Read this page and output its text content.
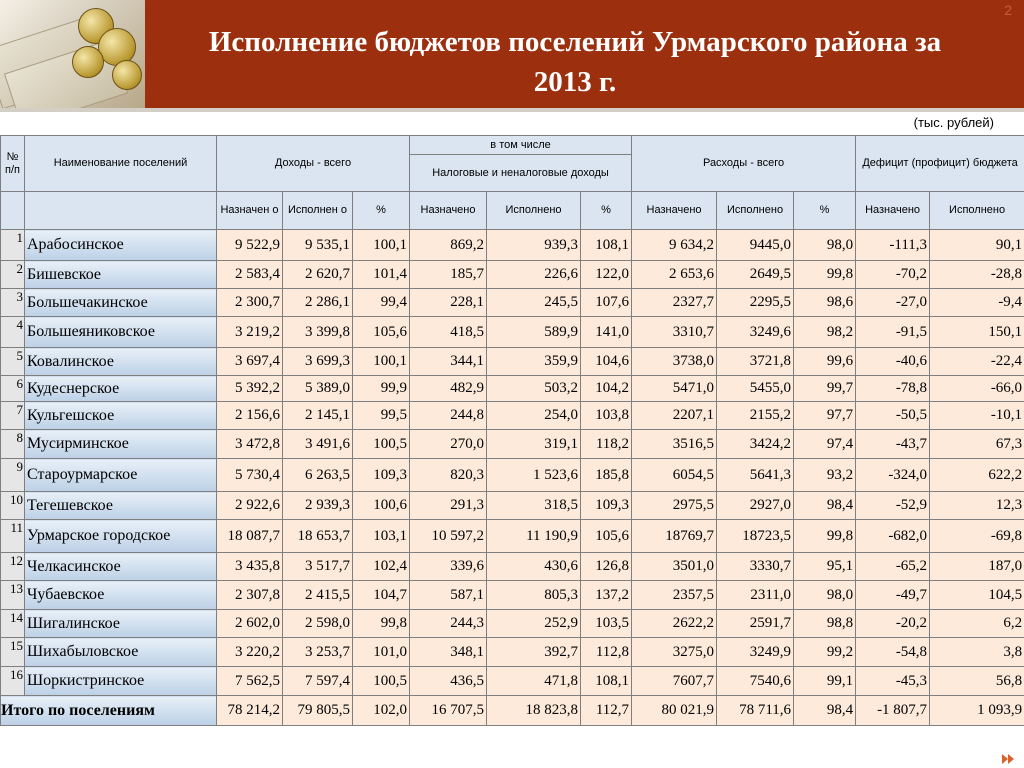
Исполнение бюджетов поселений Урмарского района за
2013 г.
2
(тыс. рублей)
№ п/п	Наименование поселений	Доходы - всего			в том числе			Расходы - всего			Дефицит (профицит) бюджета	
					Налоговые и неналоговые доходы							
		Назначен о	Исполнен о	%	Назначено	Исполнено	%	Назначено	Исполнено	%	Назначено	Исполнено
1	Арабосинское	9 522,9	9 535,1	100,1	869,2	939,3	108,1	9 634,2	9445,0	98,0	-111,3	90,1
2	Бишевское	2 583,4	2 620,7	101,4	185,7	226,6	122,0	2 653,6	2649,5	99,8	-70,2	-28,8
3	Большечакинское	2 300,7	2 286,1	99,4	228,1	245,5	107,6	2327,7	2295,5	98,6	-27,0	-9,4
4	Большеяниковское	3 219,2	3 399,8	105,6	418,5	589,9	141,0	3310,7	3249,6	98,2	-91,5	150,1
5	Ковалинское	3 697,4	3 699,3	100,1	344,1	359,9	104,6	3738,0	3721,8	99,6	-40,6	-22,4
6	Кудеснерское	5 392,2	5 389,0	99,9	482,9	503,2	104,2	5471,0	5455,0	99,7	-78,8	-66,0
7	Кульгешское	2 156,6	2 145,1	99,5	244,8	254,0	103,8	2207,1	2155,2	97,7	-50,5	-10,1
8	Мусирминское	3 472,8	3 491,6	100,5	270,0	319,1	118,2	3516,5	3424,2	97,4	-43,7	67,3
9	Староурмарское	5 730,4	6 263,5	109,3	820,3	1 523,6	185,8	6054,5	5641,3	93,2	-324,0	622,2
10	Тегешевское	2 922,6	2 939,3	100,6	291,3	318,5	109,3	2975,5	2927,0	98,4	-52,9	12,3
11	Урмарское городское	18 087,7	18 653,7	103,1	10 597,2	11 190,9	105,6	18769,7	18723,5	99,8	-682,0	-69,8
12	Челкасинское	3 435,8	3 517,7	102,4	339,6	430,6	126,8	3501,0	3330,7	95,1	-65,2	187,0
13	Чубаевское	2 307,8	2 415,5	104,7	587,1	805,3	137,2	2357,5	2311,0	98,0	-49,7	104,5
14	Шигалинское	2 602,0	2 598,0	99,8	244,3	252,9	103,5	2622,2	2591,7	98,8	-20,2	6,2
15	Шихабыловское	3 220,2	3 253,7	101,0	348,1	392,7	112,8	3275,0	3249,9	99,2	-54,8	3,8
16	Шоркистринское	7 562,5	7 597,4	100,5	436,5	471,8	108,1	7607,7	7540,6	99,1	-45,3	56,8
Итого по поселениям		78 214,2	79 805,5	102,0	16 707,5	18 823,8	112,7	80 021,9	78 711,6	98,4	-1 807,7	1 093,9
